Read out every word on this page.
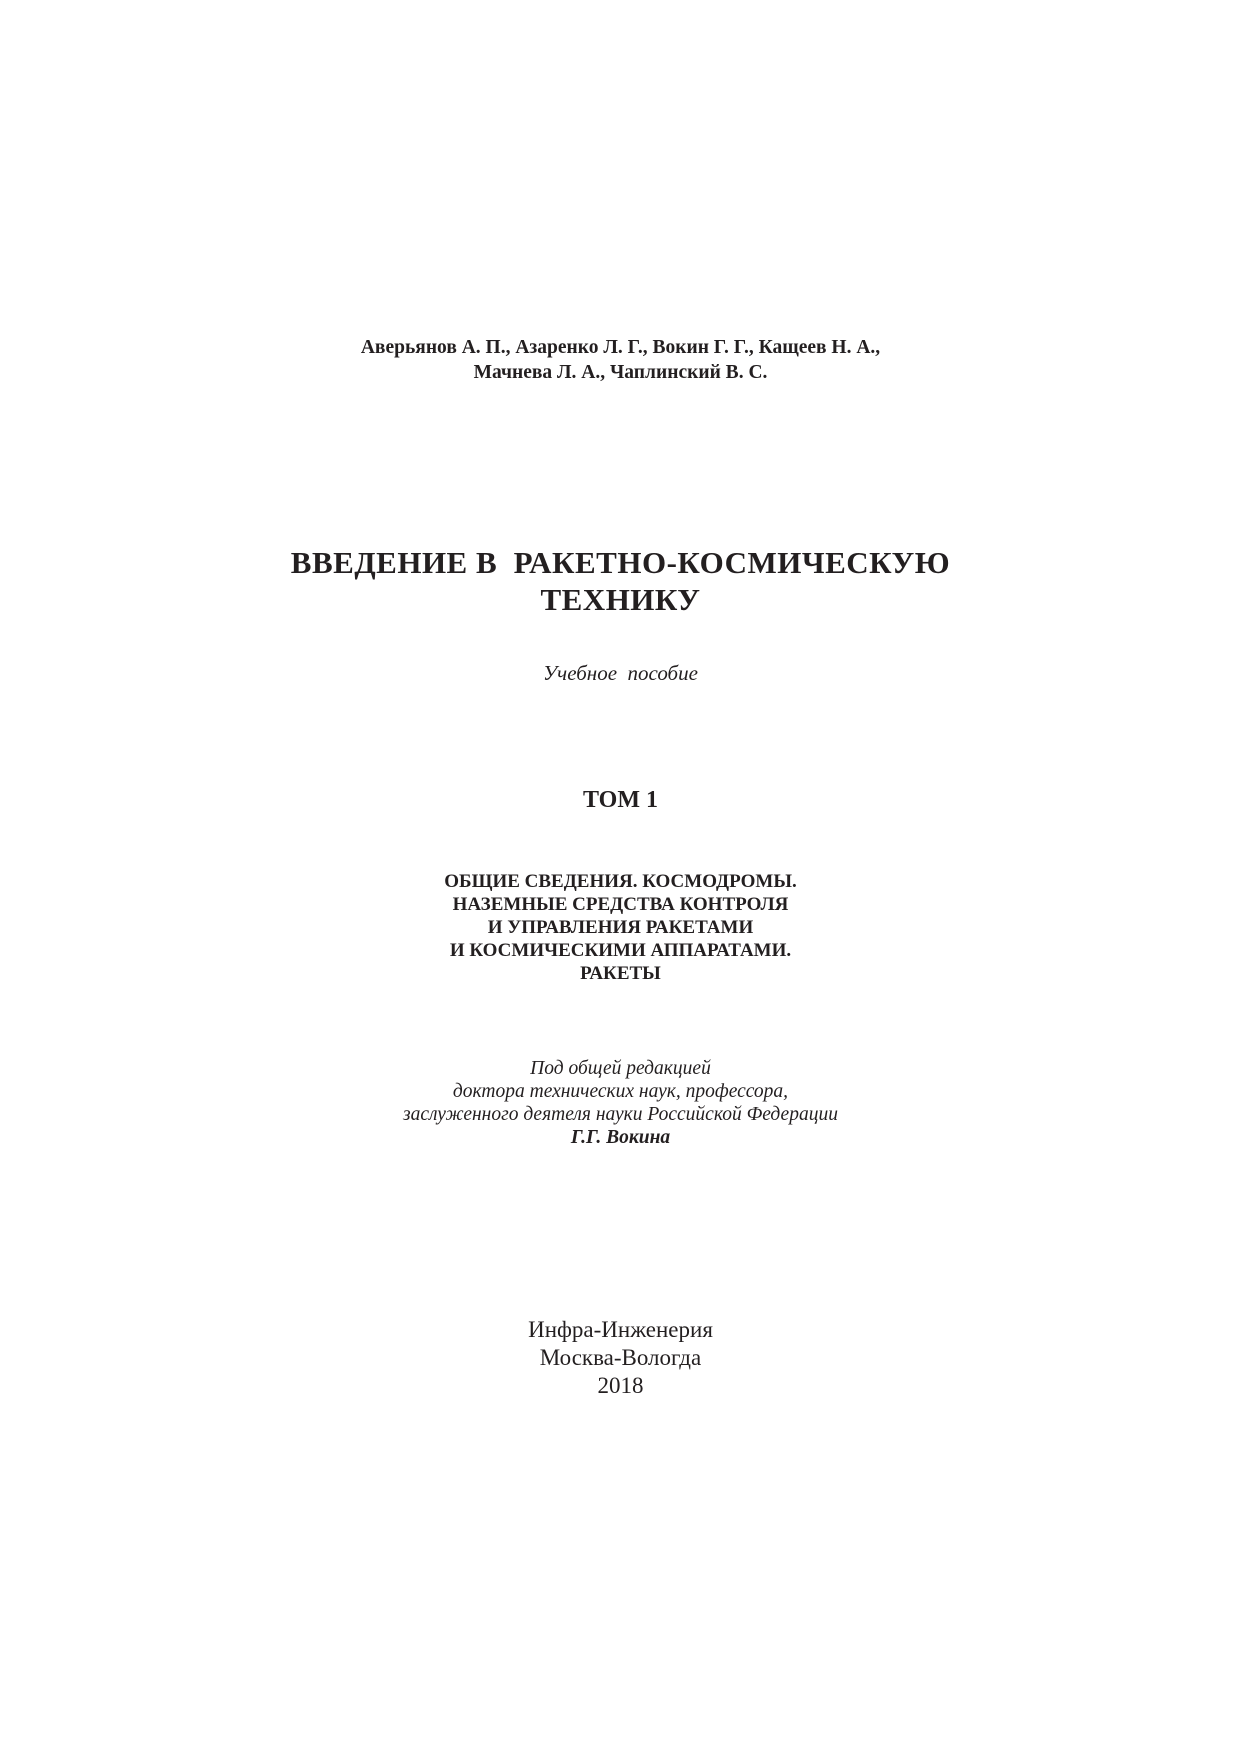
Аверьянов А. П., Азаренко Л. Г., Вокин Г. Г., Кащеев Н. А.,
Мачнева Л. А., Чаплинский В. С.
ВВЕДЕНИЕ В  РАКЕТНО-КОСМИЧЕСКУЮ
ТЕХНИКУ
Учебное  пособие
ТОМ 1
ОБЩИЕ СВЕДЕНИЯ. КОСМОДРОМЫ.
НАЗЕМНЫЕ СРЕДСТВА КОНТРОЛЯ
И УПРАВЛЕНИЯ РАКЕТАМИ
И КОСМИЧЕСКИМИ АППАРАТАМИ.
РАКЕТЫ
Под общей редакцией
доктора технических наук, профессора,
заслуженного деятеля науки Российской Федерации
Г.Г. Вокина
Инфра-Инженерия
Москва-Вологда
2018
